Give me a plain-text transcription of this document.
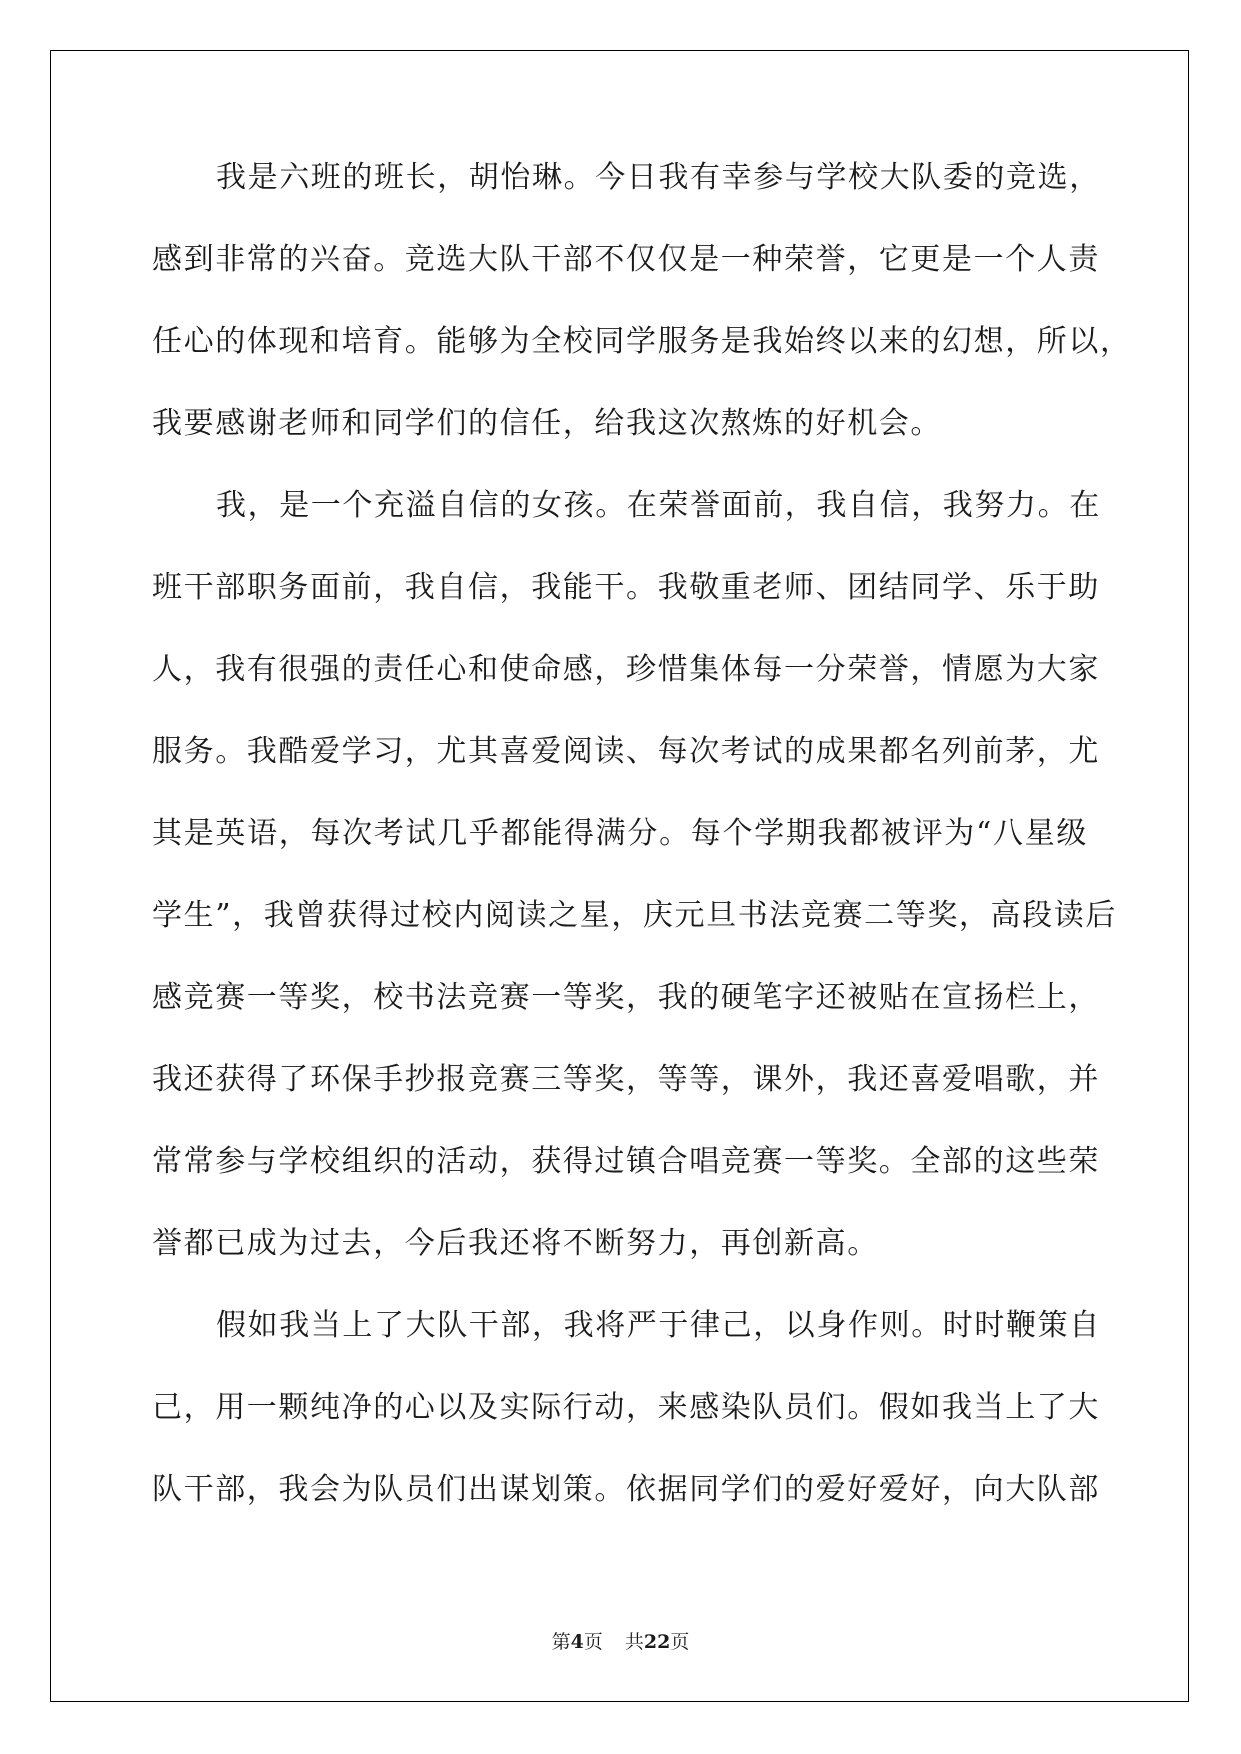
我是六班的班长，胡怡琳。今日我有幸参与学校大队委的竞选，
感到非常的兴奋。竞选大队干部不仅仅是一种荣誉，它更是一个人责
任心的体现和培育。能够为全校同学服务是我始终以来的幻想，所以，
我要感谢老师和同学们的信任，给我这次熬炼的好机会。
我，是一个充溢自信的女孩。在荣誉面前，我自信，我努力。在
班干部职务面前，我自信，我能干。我敬重老师、团结同学、乐于助
人，我有很强的责任心和使命感，珍惜集体每一分荣誉，情愿为大家
服务。我酷爱学习，尤其喜爱阅读、每次考试的成果都名列前茅，尤
其是英语，每次考试几乎都能得满分。每个学期我都被评为“八星级
学生”，我曾获得过校内阅读之星，庆元旦书法竞赛二等奖，高段读后
感竞赛一等奖，校书法竞赛一等奖，我的硬笔字还被贴在宣扬栏上，
我还获得了环保手抄报竞赛三等奖，等等，课外，我还喜爱唱歌，并
常常参与学校组织的活动，获得过镇合唱竞赛一等奖。全部的这些荣
誉都已成为过去，今后我还将不断努力，再创新高。
假如我当上了大队干部，我将严于律己，以身作则。时时鞭策自
己，用一颗纯净的心以及实际行动，来感染队员们。假如我当上了大
队干部，我会为队员们出谋划策。依据同学们的爱好爱好，向大队部
第4页 共22页
